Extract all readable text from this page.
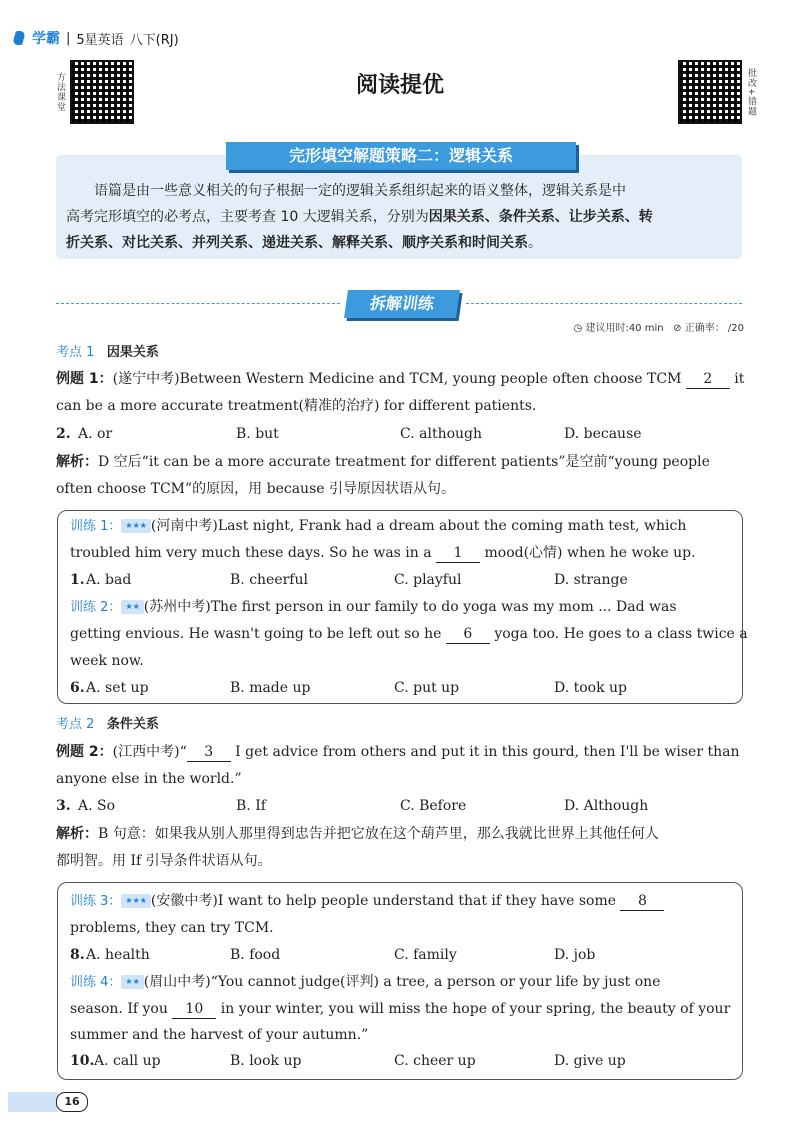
学霸 | 5星英语 八下(RJ)
方法课堂	批改+错题
阅读提优
完形填空解题策略二：逻辑关系
语篇是由一些意义相关的句子根据一定的逻辑关系组织起来的语义整体，逻辑关系是中
高考完形填空的必考点，主要考查 10 大逻辑关系，分别为因果关系、条件关系、让步关系、转
折关系、对比关系、并列关系、递进关系、解释关系、顺序关系和时间关系。
拆解训练
◷ 建议用时:40 min ⊘ 正确率： /20
考点 1 因果关系
例题 1：(遂宁中考)Between Western Medicine and TCM, young people often choose TCM 2 it
can be a more accurate treatment(精准的治疗) for different patients.
2. A. or	B. but	C. although	D. because
解析：D 空后“it can be a more accurate treatment for different patients”是空前“young people
often choose TCM”的原因，用 because 引导原因状语从句。
训练 1： ★★★ (河南中考)Last night, Frank had a dream about the coming math test, which
troubled him very much these days. So he was in a 1 mood(心情) when he woke up.
1. A. bad	B. cheerful	C. playful	D. strange
训练 2： ★★ (苏州中考)The first person in our family to do yoga was my mom ... Dad was
getting envious. He wasn't going to be left out so he 6 yoga too. He goes to a class twice a
week now.
6. A. set up	B. made up	C. put up	D. took up
考点 2 条件关系
例题 2：(江西中考)“ 3 I get advice from others and put it in this gourd, then I'll be wiser than
anyone else in the world.”
3. A. So	B. If	C. Before	D. Although
解析：B 句意：如果我从别人那里得到忠告并把它放在这个葫芦里，那么我就比世界上其他任何人
都明智。用 If 引导条件状语从句。
训练 3： ★★★ (安徽中考)I want to help people understand that if they have some 8
problems, they can try TCM.
8. A. health	B. food	C. family	D. job
训练 4： ★★ (眉山中考)“You cannot judge(评判) a tree, a person or your life by just one
season. If you 10 in your winter, you will miss the hope of your spring, the beauty of your
summer and the harvest of your autumn.”
10. A. call up	B. look up	C. cheer up	D. give up
16
